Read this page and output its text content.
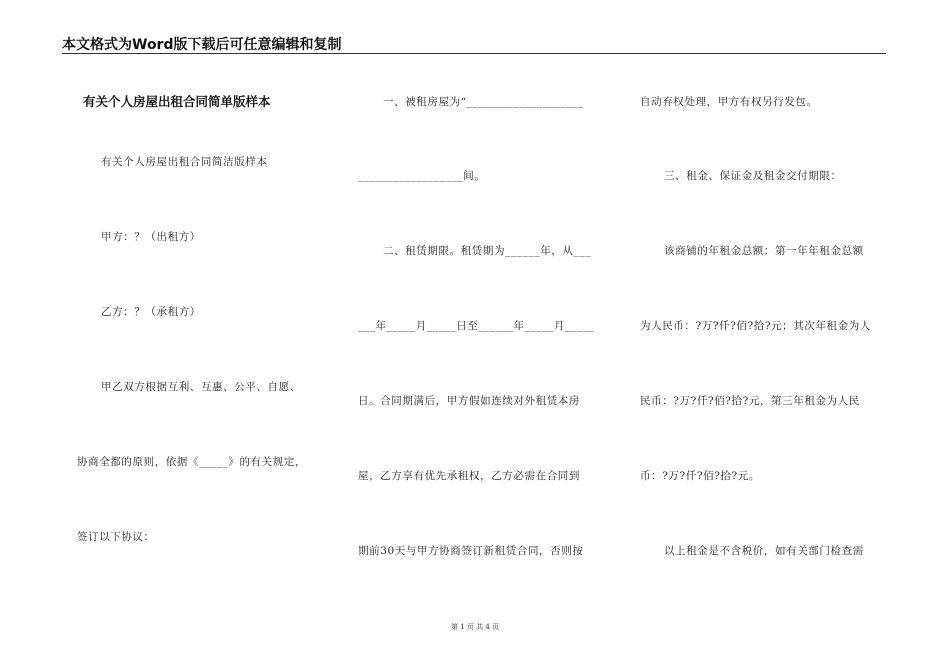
本文格式为Word版下载后可任意编辑和复制
有关个人房屋出租合同简单版样本
有关个人房屋出租合同简洁版样本
甲方：？（出租方）
乙方：？（承租方）
甲乙双方根据互利、互惠、公平、自愿、
协商全都的原则，依据《_____》的有关规定，
签订以下协议：
一、被租房屋为“____________________
__________________间。
二、租赁期限。租赁期为______年，从___
___年_____月_____日至______年_____月_____
日。合同期满后，甲方假如连续对外租赁本房
屋，乙方享有优先承租权，乙方必需在合同到
期前30天与甲方协商签订新租赁合同，否则按
自动弃权处理，甲方有权另行发包。
三、租金、保证金及租金交付期限：
该商铺的年租金总额：第一年年租金总额
为人民币：?万?仟?佰?拾?元；其次年租金为人
民币：?万?仟?佰?拾?元，第三年租金为人民
币：?万?仟?佰?拾?元。
以上租金是不含税价，如有关部门检查需
第 1 页 共 4 页
